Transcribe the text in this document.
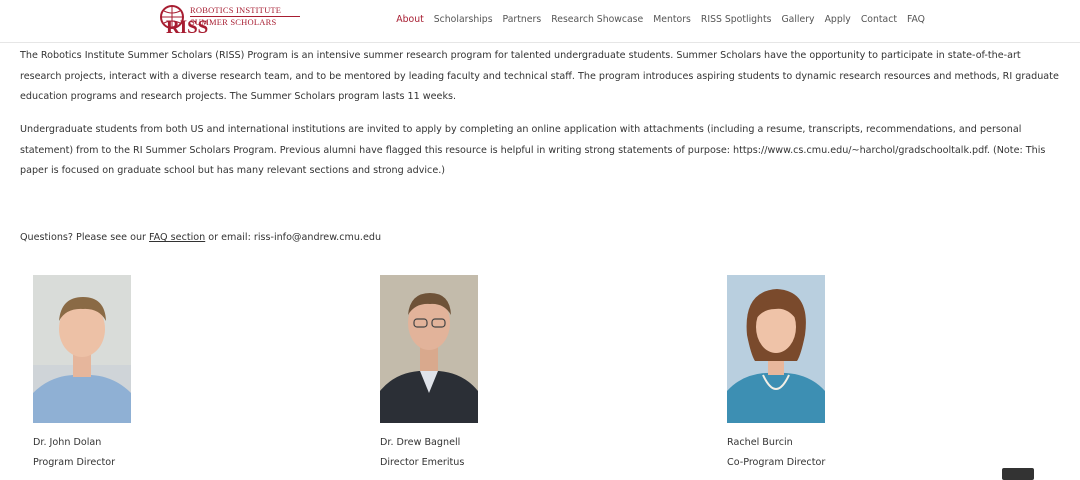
RISS
ROBOTICS INSTITUTE
SUMMER SCHOLARS	About Scholarships Partners Research Showcase Mentors RISS Spotlights Gallery Apply Contact FAQ

The Robotics Institute Summer Scholars (RISS) Program is an intensive summer research program for talented undergraduate students. Summer Scholars have the opportunity to participate in state-of-the-art research projects, interact with a diverse research team, and to be mentored by leading faculty and technical staff. The program introduces aspiring students to dynamic research resources and methods, RI graduate education programs and research projects. The Summer Scholars program lasts 11 weeks.

Undergraduate students from both US and international institutions are invited to apply by completing an online application with attachments (including a resume, transcripts, recommendations, and personal statement) from to the RI Summer Scholars Program. Previous alumni have flagged this resource is helpful in writing strong statements of purpose: https://www.cs.cmu.edu/~harchol/gradschooltalk.pdf. (Note: This paper is focused on graduate school but has many relevant sections and strong advice.)

Questions? Please see our FAQ section or email: riss-info@andrew.cmu.edu
Dr. John Dolan
Program Director
Dr. Drew Bagnell
Director Emeritus
Rachel Burcin
Co-Program Director
